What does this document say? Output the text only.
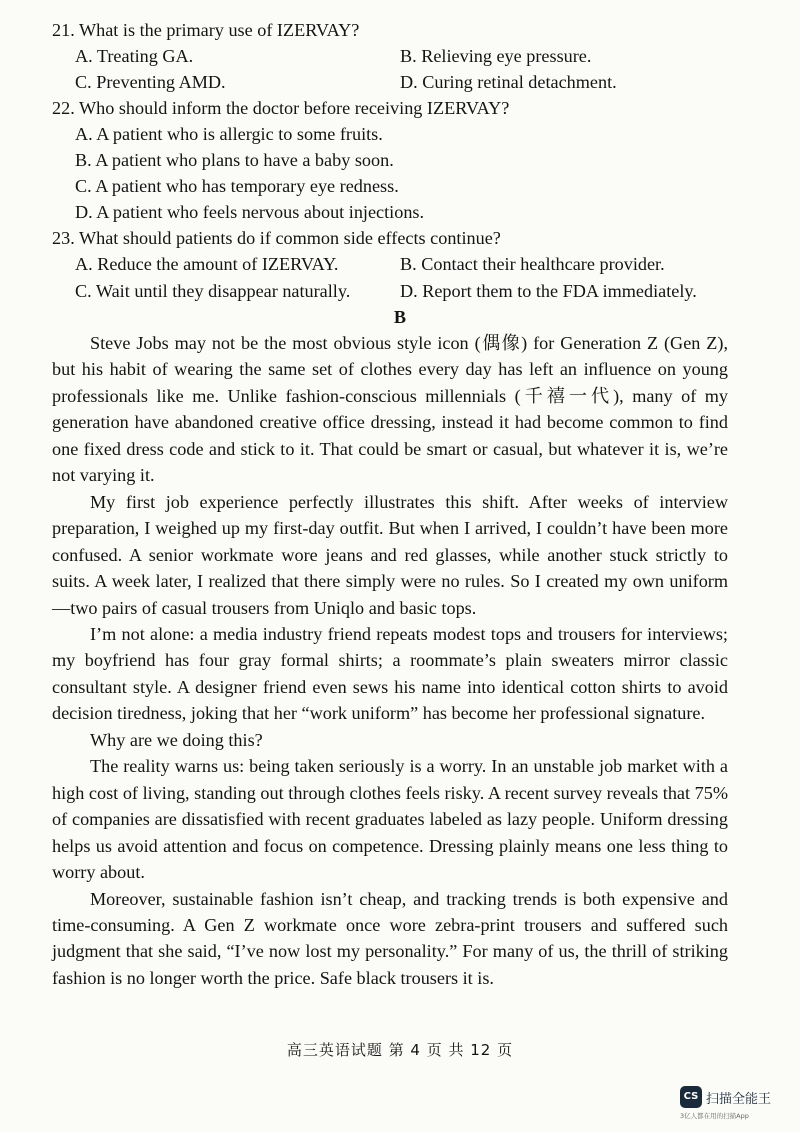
21. What is the primary use of IZERVAY?
A. Treating GA.	B. Relieving eye pressure.
C. Preventing AMD.	D. Curing retinal detachment.
22. Who should inform the doctor before receiving IZERVAY?
A. A patient who is allergic to some fruits.
B. A patient who plans to have a baby soon.
C. A patient who has temporary eye redness.
D. A patient who feels nervous about injections.
23. What should patients do if common side effects continue?
A. Reduce the amount of IZERVAY.	B. Contact their healthcare provider.
C. Wait until they disappear naturally.	D. Report them to the FDA immediately.
B

Steve Jobs may not be the most obvious style icon (偶像) for Generation Z (Gen Z), but his habit of wearing the same set of clothes every day has left an influence on young professionals like me. Unlike fashion-conscious millennials (千禧一代), many of my generation have abandoned creative office dressing, instead it had become common to find one fixed dress code and stick to it. That could be smart or casual, but whatever it is, we’re not varying it.

My first job experience perfectly illustrates this shift. After weeks of interview preparation, I weighed up my first-day outfit. But when I arrived, I couldn’t have been more confused. A senior workmate wore jeans and red glasses, while another stuck strictly to suits. A week later, I realized that there simply were no rules. So I created my own uniform—two pairs of casual trousers from Uniqlo and basic tops.

I’m not alone: a media industry friend repeats modest tops and trousers for interviews; my boyfriend has four gray formal shirts; a roommate’s plain sweaters mirror classic consultant style. A designer friend even sews his name into identical cotton shirts to avoid decision tiredness, joking that her “work uniform” has become her professional signature.

Why are we doing this?

The reality warns us: being taken seriously is a worry. In an unstable job market with a high cost of living, standing out through clothes feels risky. A recent survey reveals that 75% of companies are dissatisfied with recent graduates labeled as lazy people. Uniform dressing helps us avoid attention and focus on competence. Dressing plainly means one less thing to worry about.

Moreover, sustainable fashion isn’t cheap, and tracking trends is both expensive and time-consuming. A Gen Z workmate once wore zebra-print trousers and suffered such judgment that she said, “I’ve now lost my personality.” For many of us, the thrill of striking fashion is no longer worth the price. Safe black trousers it is.

高三英语试题 第 4 页 共 12 页
CS 扫描全能王
3亿人都在用的扫描App
